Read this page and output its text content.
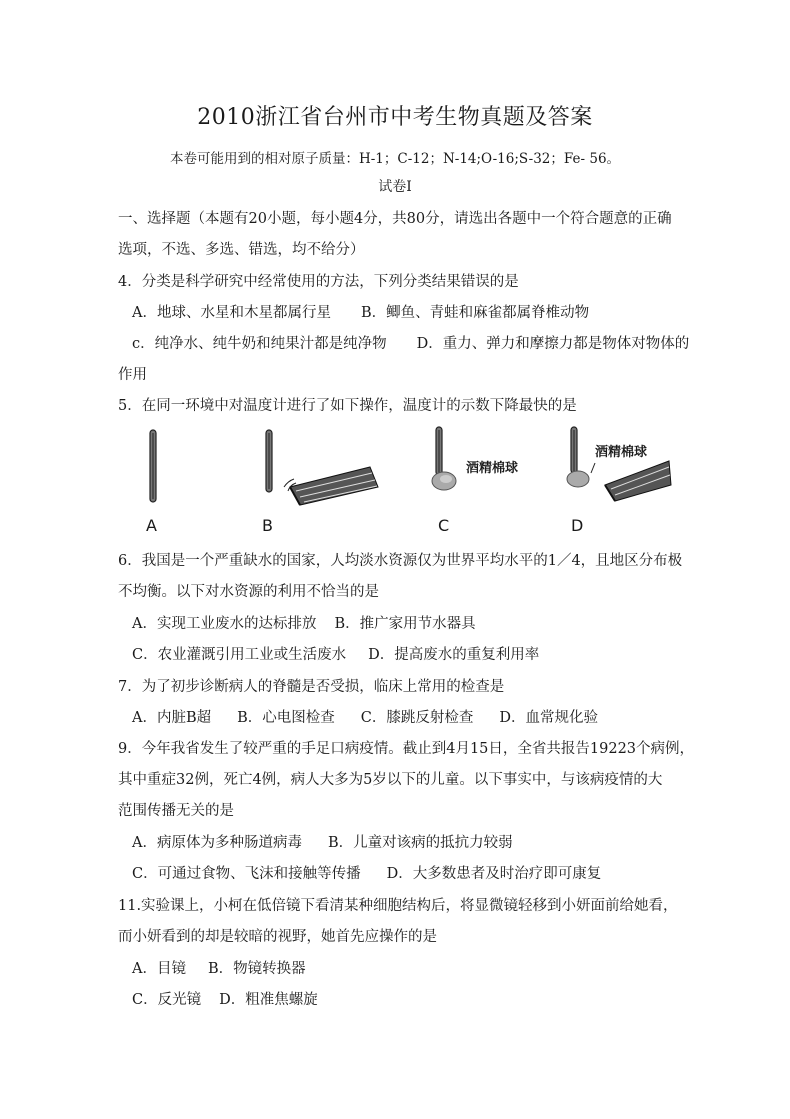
2010浙江省台州市中考生物真题及答案
本卷可能用到的相对原子质量：H-1；C-12；N-14;O-16;S-32；Fe- 56。
试卷Ⅰ
一、选择题（本题有20小题，每小题4分，共80分，请选出各题中一个符合题意的正确
选项，不选、多选、错选，均不给分）
4．分类是科学研究中经常使用的方法，下列分类结果错误的是
A．地球、水星和木星都属行星 B．鲫鱼、青蛙和麻雀都属脊椎动物
c．纯净水、纯牛奶和纯果汁都是纯净物 D．重力、弹力和摩擦力都是物体对物体的
作用
5．在同一环境中对温度计进行了如下操作，温度计的示数下降最快的是
A	B	C
酒精棉球
D
酒精棉球
6．我国是一个严重缺水的国家，人均淡水资源仅为世界平均水平的1／4，且地区分布极
不均衡。以下对水资源的利用不恰当的是
A．实现工业废水的达标排放 B．推广家用节水器具
C．农业灌溉引用工业或生活废水 D．提高废水的重复利用率
7．为了初步诊断病人的脊髓是否受损，临床上常用的检查是
A．内脏B超 B．心电图检查 C．膝跳反射检查 D．血常规化验
9．今年我省发生了较严重的手足口病疫情。截止到4月15日，全省共报告19223个病例，
其中重症32例，死亡4例，病人大多为5岁以下的儿童。以下事实中，与该病疫情的大
范围传播无关的是
A．病原体为多种肠道病毒 B．儿童对该病的抵抗力较弱
C．可通过食物、飞沫和接触等传播 D．大多数患者及时治疗即可康复
11.实验课上，小柯在低倍镜下看清某种细胞结构后，将显微镜轻移到小妍面前给她看，
而小妍看到的却是较暗的视野，她首先应操作的是
A．目镜 B．物镜转换器
C．反光镜 D．粗准焦螺旋
